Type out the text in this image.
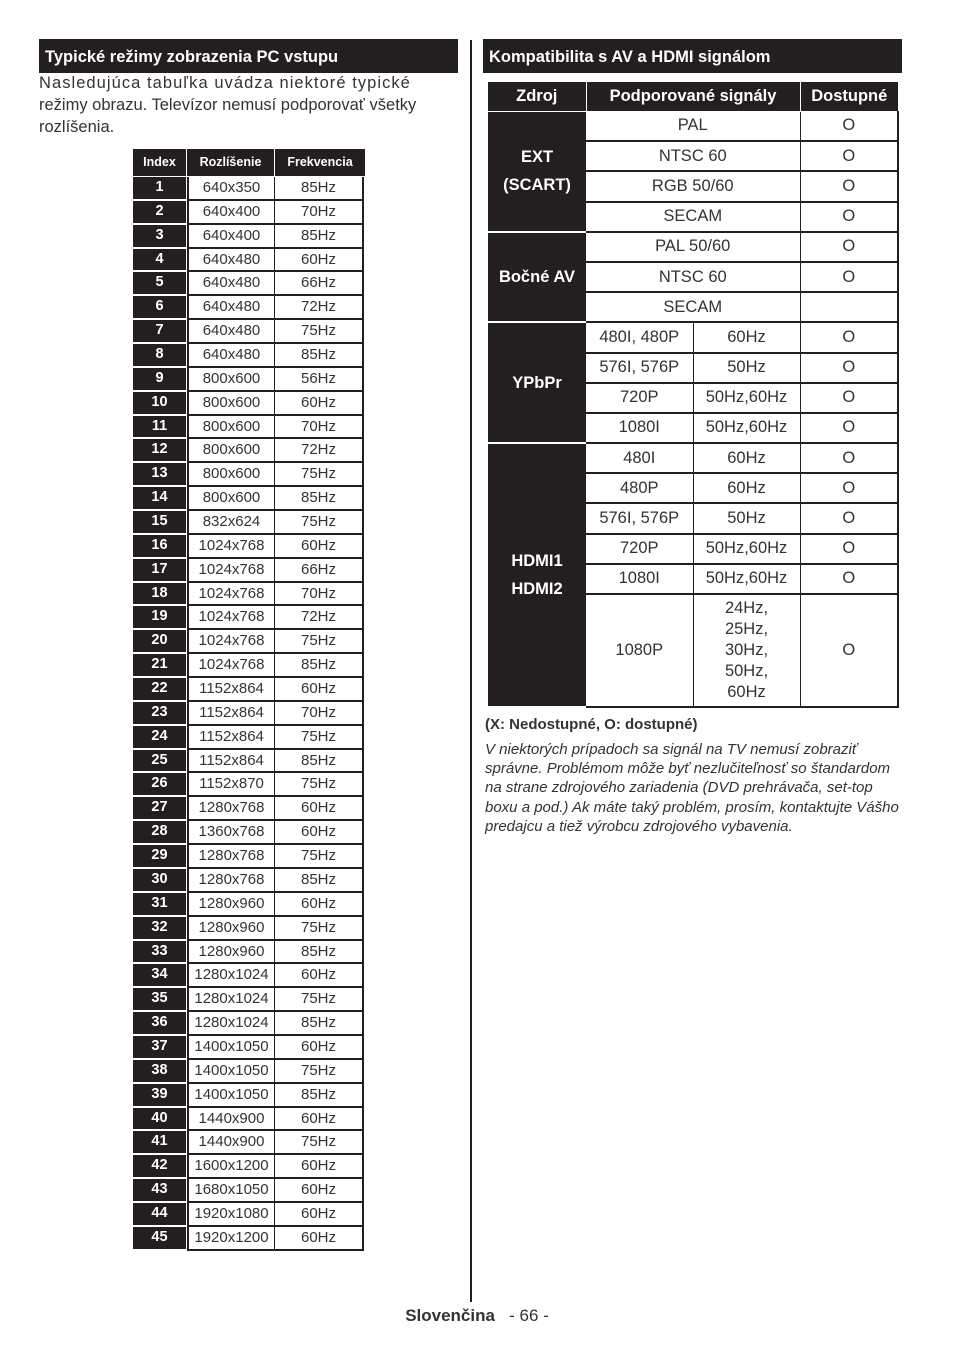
Typické režimy zobrazenia PC vstupu
Nasledujúca tabuľka uvádza niektoré typické
režimy obrazu. Televízor nemusí podporovať všetky
rozlíšenia.
Index	Rozlíšenie	Frekvencia
1	640x350	85Hz
2	640x400	70Hz
3	640x400	85Hz
4	640x480	60Hz
5	640x480	66Hz
6	640x480	72Hz
7	640x480	75Hz
8	640x480	85Hz
9	800x600	56Hz
10	800x600	60Hz
11	800x600	70Hz
12	800x600	72Hz
13	800x600	75Hz
14	800x600	85Hz
15	832x624	75Hz
16	1024x768	60Hz
17	1024x768	66Hz
18	1024x768	70Hz
19	1024x768	72Hz
20	1024x768	75Hz
21	1024x768	85Hz
22	1152x864	60Hz
23	1152x864	70Hz
24	1152x864	75Hz
25	1152x864	85Hz
26	1152x870	75Hz
27	1280x768	60Hz
28	1360x768	60Hz
29	1280x768	75Hz
30	1280x768	85Hz
31	1280x960	60Hz
32	1280x960	75Hz
33	1280x960	85Hz
34	1280x1024	60Hz
35	1280x1024	75Hz
36	1280x1024	85Hz
37	1400x1050	60Hz
38	1400x1050	75Hz
39	1400x1050	85Hz
40	1440x900	60Hz
41	1440x900	75Hz
42	1600x1200	60Hz
43	1680x1050	60Hz
44	1920x1080	60Hz
45	1920x1200	60Hz
Kompatibilita s AV a HDMI signálom
Zdroj	Podporované signály		Dostupné

EXT
(SCART)	PAL		O
	NTSC 60		O
	RGB 50/60		O
	SECAM		O

Bočné AV	PAL 50/60		O
	NTSC 60		O
	SECAM		

YPbPr	480I, 480P	60Hz	O
	576I, 576P	50Hz	O
	720P	50Hz,60Hz	O
	1080I	50Hz,60Hz	O

HDMI1
HDMI2	480I	60Hz	O
	480P	60Hz	O
	576I, 576P	50Hz	O
	720P	50Hz,60Hz	O
	1080I	50Hz,60Hz	O
	1080P	24Hz,
25Hz,
30Hz,
50Hz,
60Hz	O
(X: Nedostupné, O: dostupné)
V niektorých prípadoch sa signál na TV nemusí zobraziť
správne. Problémom môže byť nezlučiteľnosť so štandardom
na strane zdrojového zariadenia (DVD prehrávača, set-top
boxu a pod.) Ak máte taký problém, prosím, kontaktujte Vášho
predajcu a tiež výrobcu zdrojového vybavenia.
Slovenčina - 66 -
